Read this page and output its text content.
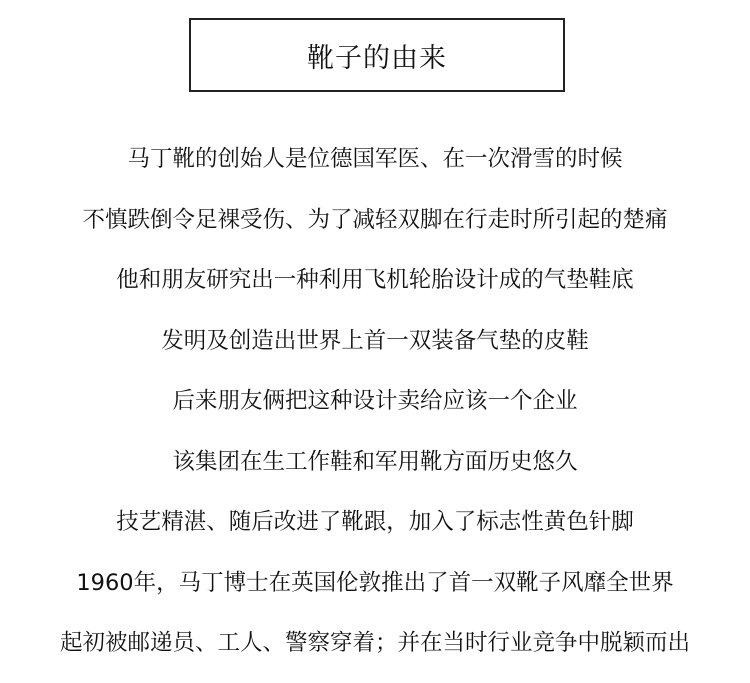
靴子的由来
马丁靴的创始人是位德国军医、在一次滑雪的时候
不慎跌倒令足裸受伤、为了减轻双脚在行走时所引起的楚痛
他和朋友研究出一种利用飞机轮胎设计成的气垫鞋底
发明及创造出世界上首一双装备气垫的皮鞋
后来朋友俩把这种设计卖给应该一个企业
该集团在生工作鞋和军用靴方面历史悠久
技艺精湛、随后改进了靴跟，加入了标志性黄色针脚
1960年，马丁博士在英国伦敦推出了首一双靴子风靡全世界
起初被邮递员、工人、警察穿着；并在当时行业竞争中脱颖而出
